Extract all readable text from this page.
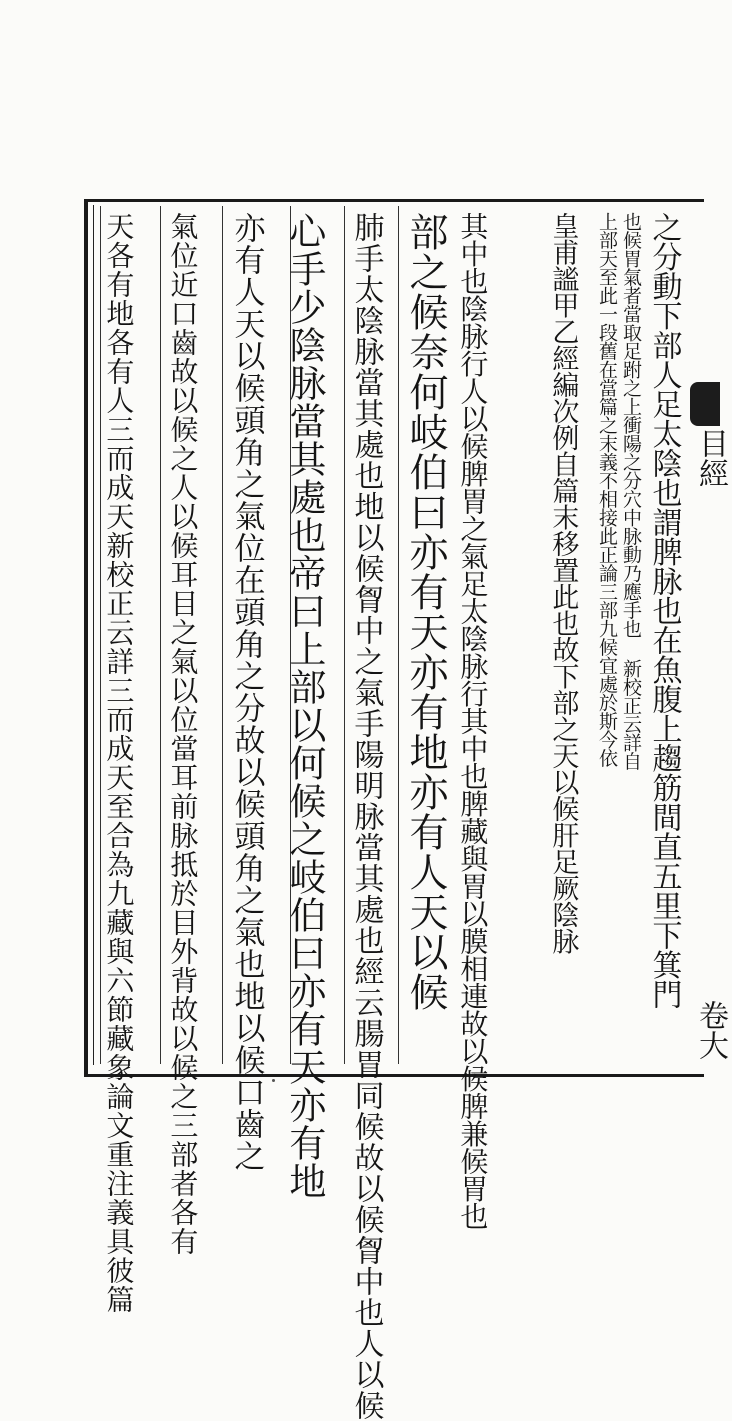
目經
卷大
之分動下部人足太陰也謂脾脉也在魚腹上趨筋間直五里下箕門
也候胃氣者當取足跗之上衝陽之分穴中脉動乃應手也 新校正云詳自
上部天至此一段舊在當篇之末義不相接此正論三部九候宜處於斯今依
皇甫謐甲乙經編次例自篇末移置此也故下部之天以候肝足厥陰脉
其中也陰脉行人以候脾胃之氣足太陰脉行其中也脾藏與胃以膜相連故以候脾兼候胃也
部之候奈何岐伯曰亦有天亦有地亦有人天以候
肺手太陰脉當其處也地以候胷中之氣手陽明脉當其處也經云腸胃同候故以候胷中也人以候
心手少陰脉當其處也帝曰上部以何候之岐伯曰亦有天亦有地
亦有人天以候頭角之氣位在頭角之分故以候頭角之氣也地以候口齒之
氣位近口齒故以候之人以候耳目之氣以位當耳前脉抵於目外背故以候之三部者各有
天各有地各有人三而成天新校正云詳三而成天至合為九藏與六節藏象論文重注義具彼篇
